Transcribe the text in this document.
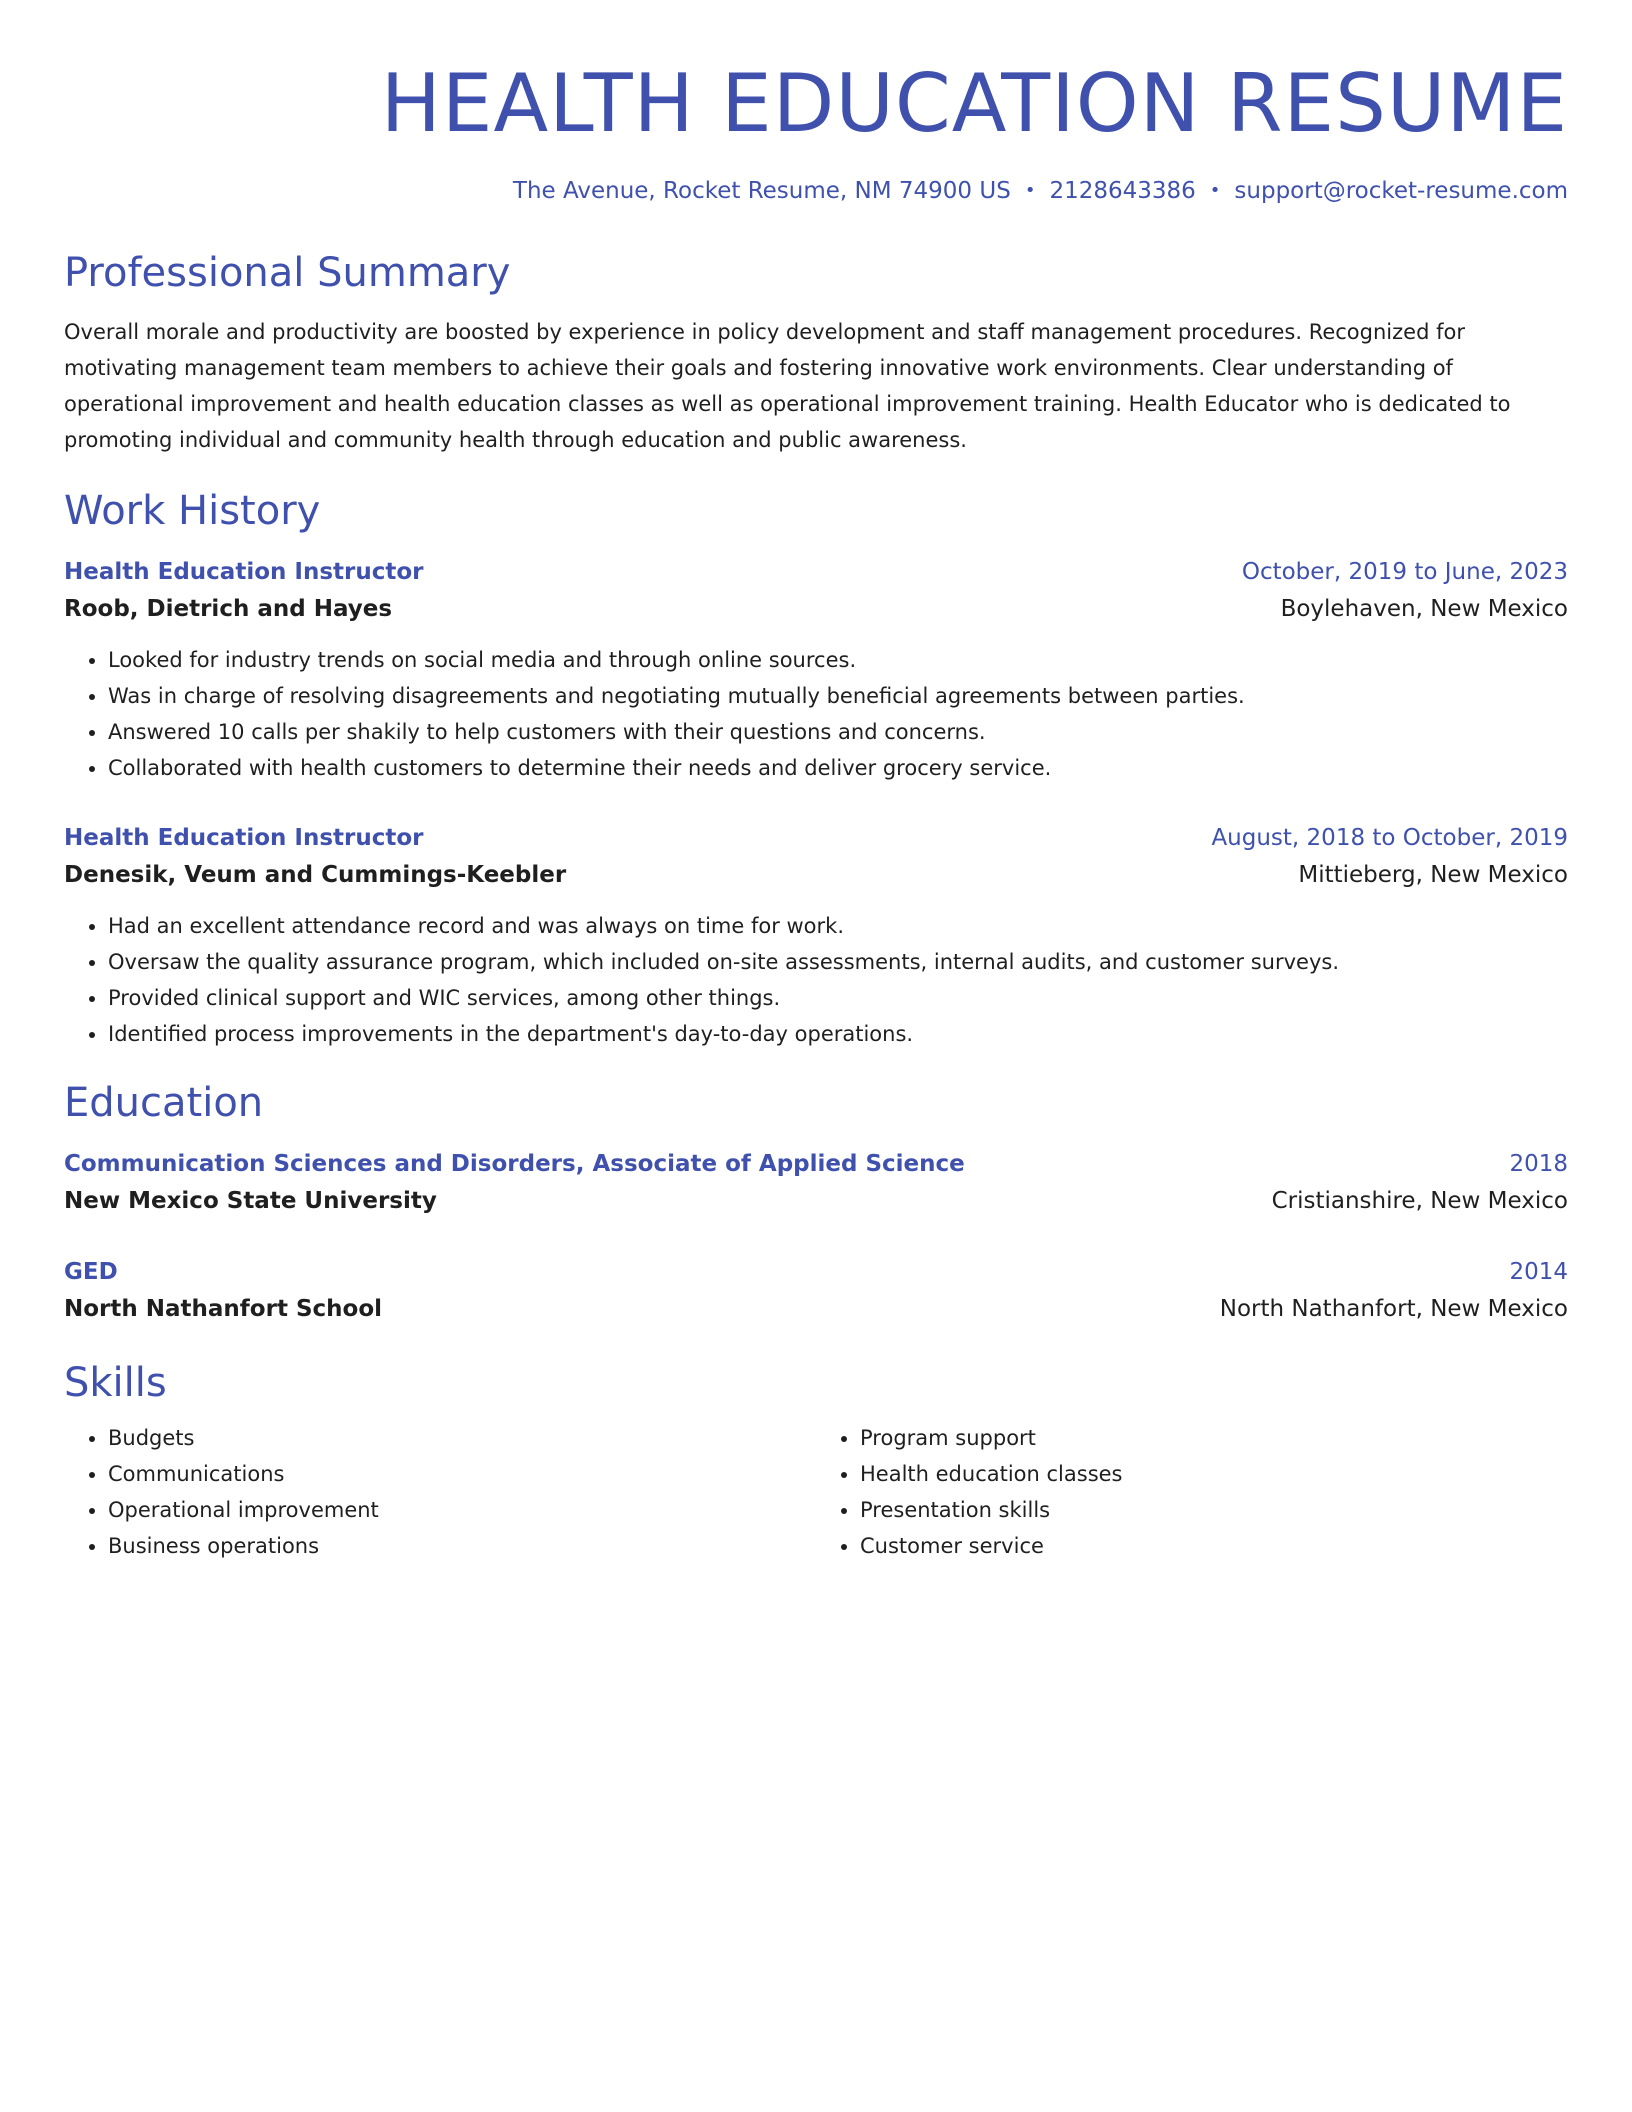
HEALTH EDUCATION RESUME
The Avenue, Rocket Resume, NM 74900 US • 2128643386 • support@rocket-resume.com
Professional Summary

Overall morale and productivity are boosted by experience in policy development and staff management procedures. Recognized for motivating management team members to achieve their goals and fostering innovative work environments. Clear understanding of operational improvement and health education classes as well as operational improvement training. Health Educator who is dedicated to promoting individual and community health through education and public awareness.

Work History
Health Education Instructor	October, 2019 to June, 2023
Roob, Dietrich and Hayes	Boylehaven, New Mexico
• Looked for industry trends on social media and through online sources.
• Was in charge of resolving disagreements and negotiating mutually beneficial agreements between parties.
• Answered 10 calls per shakily to help customers with their questions and concerns.
• Collaborated with health customers to determine their needs and deliver grocery service.
Health Education Instructor	August, 2018 to October, 2019
Denesik, Veum and Cummings-Keebler	Mittieberg, New Mexico
• Had an excellent attendance record and was always on time for work.
• Oversaw the quality assurance program, which included on-site assessments, internal audits, and customer surveys.
• Provided clinical support and WIC services, among other things.
• Identified process improvements in the department's day-to-day operations.
Education
Communication Sciences and Disorders, Associate of Applied Science	2018
New Mexico State University	Cristianshire, New Mexico
GED	2014
North Nathanfort School	North Nathanfort, New Mexico
Skills
• Budgets
• Communications
• Operational improvement
• Business operations
• Program support
• Health education classes
• Presentation skills
• Customer service
